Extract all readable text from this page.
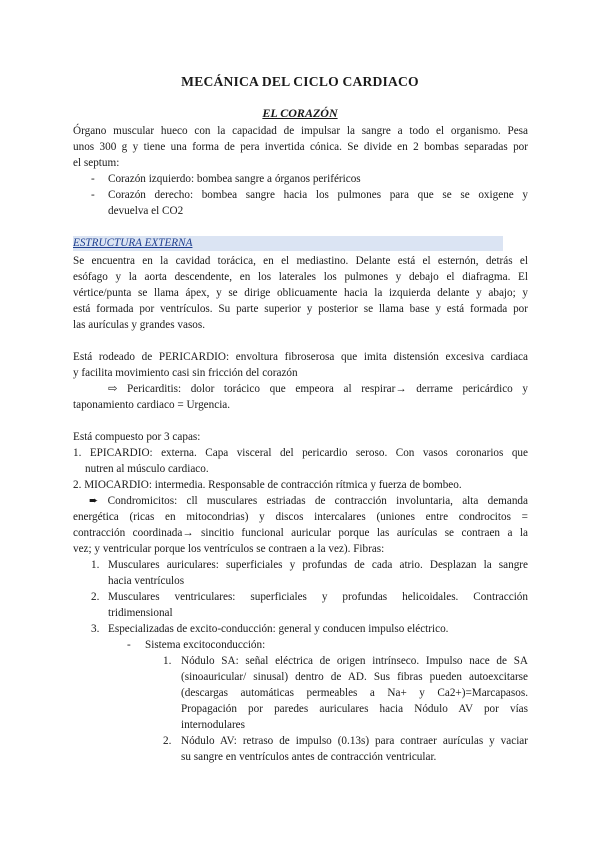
MECÁNICA DEL CICLO CARDIACO
EL CORAZÓN

Órgano muscular hueco con la capacidad de impulsar la sangre a todo el organismo. Pesa

unos 300 g y tiene una forma de pera invertida cónica. Se divide en 2 bombas separadas por

el septum:

- Corazón izquierdo: bombea sangre a órganos periféricos

- Corazón derecho: bombea sangre hacia los pulmones para que se se oxigene y

devuelva el CO2

ESTRUCTURA EXTERNA

Se encuentra en la cavidad torácica, en el mediastino. Delante está el esternón, detrás el

esófago y la aorta descendente, en los laterales los pulmones y debajo el diafragma. El

vértice/punta se llama ápex, y se dirige oblicuamente hacia la izquierda delante y abajo; y

está formada por ventrículos. Su parte superior y posterior se llama base y está formada por

las aurículas y grandes vasos.

Está rodeado de PERICARDIO: envoltura fibroserosa que imita distensión excesiva cardiaca

y facilita movimiento casi sin fricción del corazón

⇨ Pericarditis: dolor torácico que empeora al respirar→ derrame pericárdico y

taponamiento cardiaco = Urgencia.

Está compuesto por 3 capas:

1. EPICARDIO: externa. Capa visceral del pericardio seroso. Con vasos coronarios que

nutren al músculo cardiaco.

2. MIOCARDIO: intermedia. Responsable de contracción rítmica y fuerza de bombeo.

➨ Condromicitos: cll musculares estriadas de contracción involuntaria, alta demanda

energética (ricas en mitocondrias) y discos intercalares (uniones entre condrocitos =

contracción coordinada→ sincitio funcional auricular porque las aurículas se contraen a la

vez; y ventricular porque los ventrículos se contraen a la vez). Fibras:

1. Musculares auriculares: superficiales y profundas de cada atrio. Desplazan la sangre

hacia ventrículos

2. Musculares ventriculares: superficiales y profundas helicoidales. Contracción

tridimensional

3. Especializadas de excito-conducción: general y conducen impulso eléctrico.

- Sistema excitoconducción:

1. Nódulo SA: señal eléctrica de origen intrínseco. Impulso nace de SA

(sinoauricular/ sinusal) dentro de AD. Sus fibras pueden autoexcitarse

(descargas automáticas permeables a Na+ y Ca2+)=Marcapasos.

Propagación por paredes auriculares hacia Nódulo AV por vías

internodulares

2. Nódulo AV: retraso de impulso (0.13s) para contraer aurículas y vaciar

su sangre en ventrículos antes de contracción ventricular.
